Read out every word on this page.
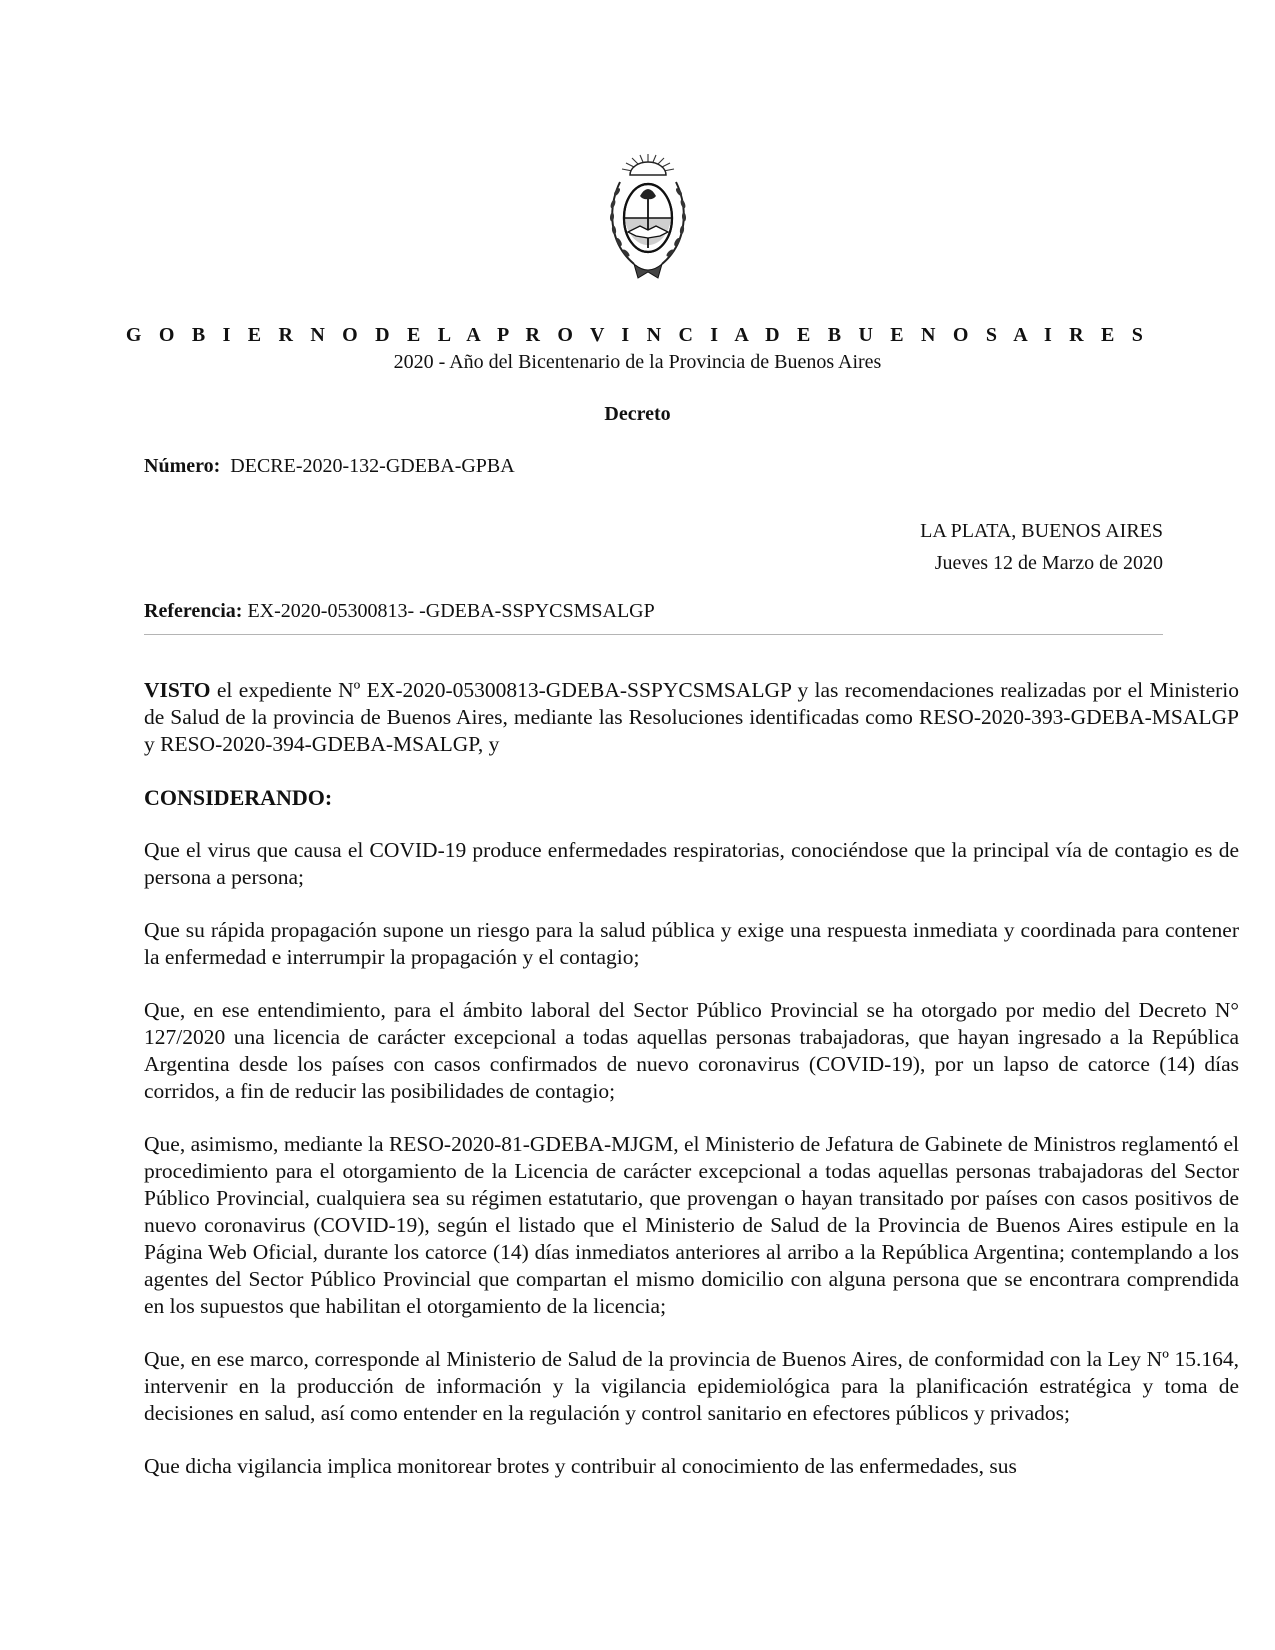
G O B I E R N O D E L A P R O V I N C I A D E B U E N O S A I R E S
2020 - Año del Bicentenario de la Provincia de Buenos Aires
Decreto
Número: DECRE-2020-132-GDEBA-GPBA
LA PLATA, BUENOS AIRES
Jueves 12 de Marzo de 2020
Referencia: EX-2020-05300813- -GDEBA-SSPYCSMSALGP

VISTO el expediente Nº EX-2020-05300813-GDEBA-SSPYCSMSALGP y las recomendaciones realizadas por el Ministerio de Salud de la provincia de Buenos Aires, mediante las Resoluciones identificadas como RESO-2020-393-GDEBA-MSALGP y RESO-2020-394-GDEBA-MSALGP, y

CONSIDERANDO:

Que el virus que causa el COVID-19 produce enfermedades respiratorias, conociéndose que la principal vía de contagio es de persona a persona;

Que su rápida propagación supone un riesgo para la salud pública y exige una respuesta inmediata y coordinada para contener la enfermedad e interrumpir la propagación y el contagio;

Que, en ese entendimiento, para el ámbito laboral del Sector Público Provincial se ha otorgado por medio del Decreto N° 127/2020 una licencia de carácter excepcional a todas aquellas personas trabajadoras, que hayan ingresado a la República Argentina desde los países con casos confirmados de nuevo coronavirus (COVID-19), por un lapso de catorce (14) días corridos, a fin de reducir las posibilidades de contagio;

Que, asimismo, mediante la RESO-2020-81-GDEBA-MJGM, el Ministerio de Jefatura de Gabinete de Ministros reglamentó el procedimiento para el otorgamiento de la Licencia de carácter excepcional a todas aquellas personas trabajadoras del Sector Público Provincial, cualquiera sea su régimen estatutario, que provengan o hayan transitado por países con casos positivos de nuevo coronavirus (COVID-19), según el listado que el Ministerio de Salud de la Provincia de Buenos Aires estipule en la Página Web Oficial, durante los catorce (14) días inmediatos anteriores al arribo a la República Argentina; contemplando a los agentes del Sector Público Provincial que compartan el mismo domicilio con alguna persona que se encontrara comprendida en los supuestos que habilitan el otorgamiento de la licencia;

Que, en ese marco, corresponde al Ministerio de Salud de la provincia de Buenos Aires, de conformidad con la Ley Nº 15.164, intervenir en la producción de información y la vigilancia epidemiológica para la planificación estratégica y toma de decisiones en salud, así como entender en la regulación y control sanitario en efectores públicos y privados;

Que dicha vigilancia implica monitorear brotes y contribuir al conocimiento de las enfermedades, sus
